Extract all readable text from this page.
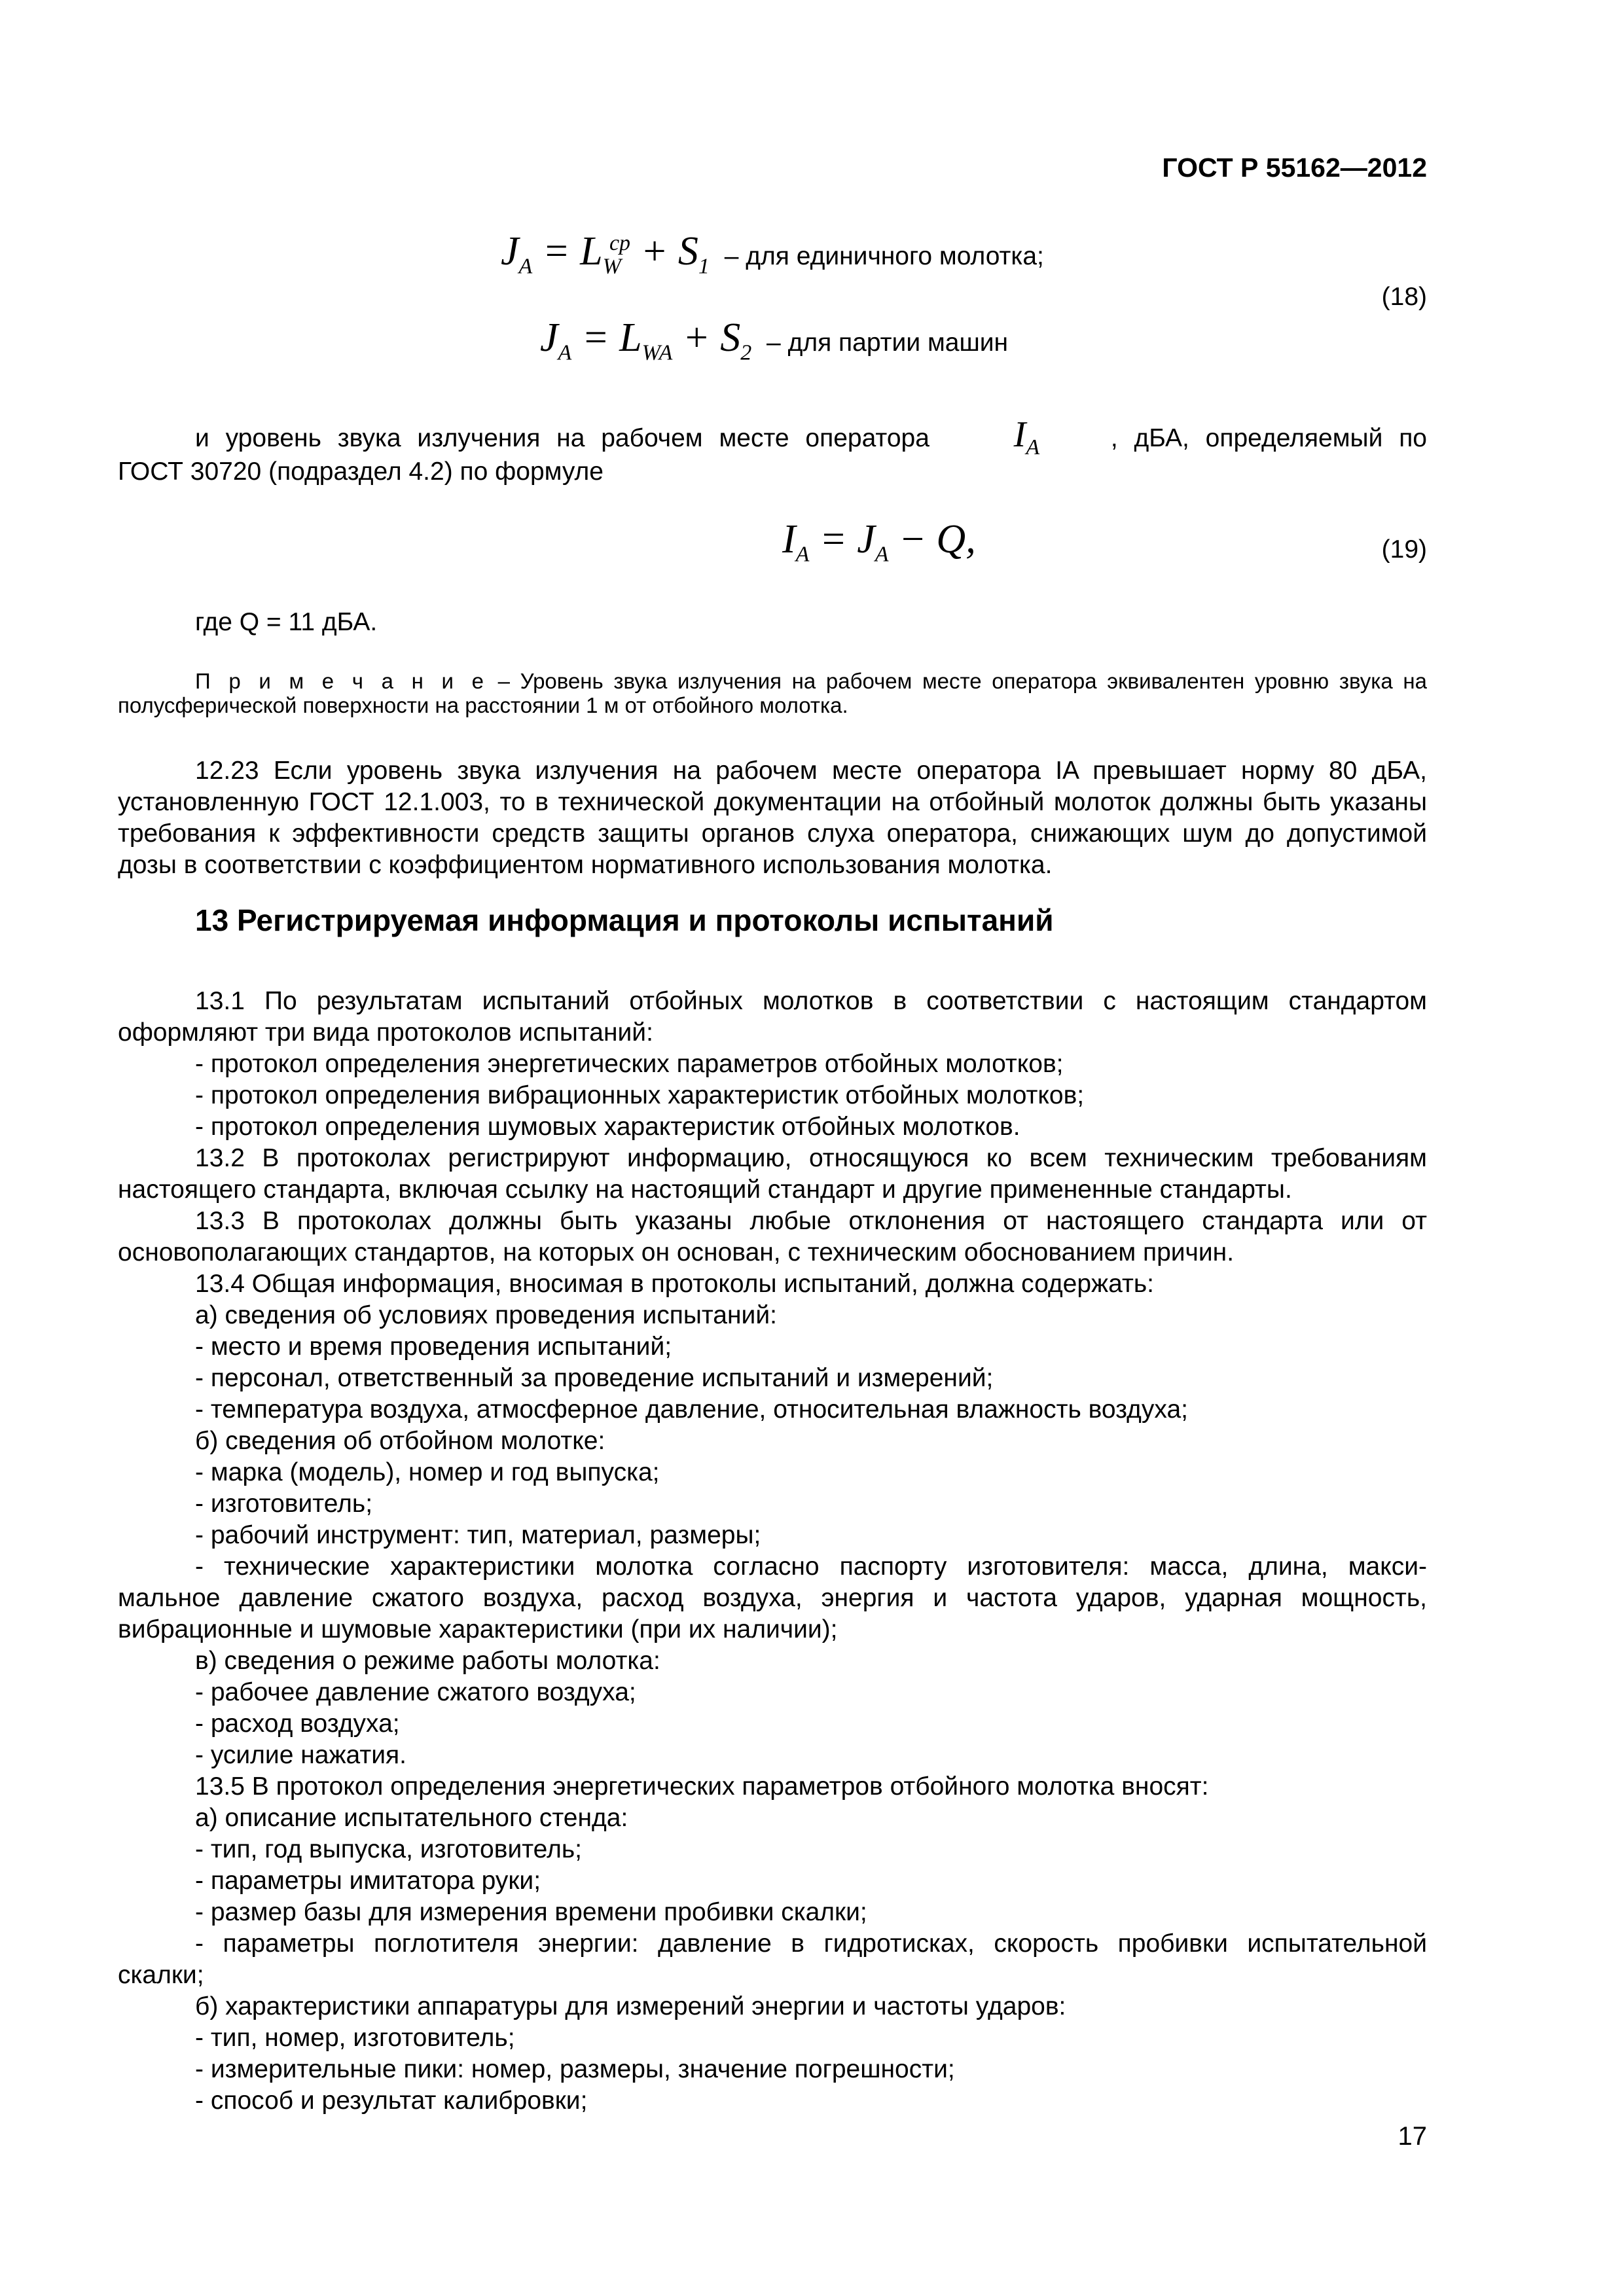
ГОСТ Р 55162—2012
$J_A = L_W^{ср} + S_1$ – для единичного молотка;
(18)
$J_A = L_{WA} + S_2$ – для партии машин
и уровень звука излучения на рабочем месте оператора $I_A$	, дБА, определяемый по
ГОСТ 30720 (подраздел 4.2) по формуле
$I_A = J_A - Q$,	(19)
где Q = 11 дБА.
П р и м е ч а н и е – Уровень звука излучения на рабочем месте оператора эквивалентен уровню звука на полусферической поверхности на расстоянии 1 м от отбойного молотка.
12.23 Если уровень звука излучения на рабочем месте оператора IA превышает норму 80 дБА, установленную ГОСТ 12.1.003, то в технической документации на отбойный молоток должны быть указаны требования к эффективности средств защиты органов слуха оператора, снижающих шум до допустимой дозы в соответствии с коэффициентом нормативного использования молотка.
13 Регистрируемая информация и протоколы испытаний
13.1 По результатам испытаний отбойных молотков в соответствии с настоящим стандартом
оформляют три вида протоколов испытаний:
- протокол определения энергетических параметров отбойных молотков;
- протокол определения вибрационных характеристик отбойных молотков;
- протокол определения шумовых характеристик отбойных молотков.
13.2 В протоколах регистрируют информацию, относящуюся ко всем техническим требованиям
настоящего стандарта, включая ссылку на настоящий стандарт и другие примененные стандарты.
13.3 В протоколах должны быть указаны любые отклонения от настоящего стандарта или от
основополагающих стандартов, на которых он основан, с техническим обоснованием причин.
13.4 Общая информация, вносимая в протоколы испытаний, должна содержать:
а) сведения об условиях проведения испытаний:
- место и время проведения испытаний;
- персонал, ответственный за проведение испытаний и измерений;
- температура воздуха, атмосферное давление, относительная влажность воздуха;
б) сведения об отбойном молотке:
- марка (модель), номер и год выпуска;
- изготовитель;
- рабочий инструмент: тип, материал, размеры;
- технические характеристики молотка согласно паспорту изготовителя: масса, длина, макси-
мальное давление сжатого воздуха, расход воздуха, энергия и частота ударов, ударная мощность,
вибрационные и шумовые характеристики (при их наличии);
в) сведения о режиме работы молотка:
- рабочее давление сжатого воздуха;
- расход воздуха;
- усилие нажатия.
13.5 В протокол определения энергетических параметров отбойного молотка вносят:
а) описание испытательного стенда:
- тип, год выпуска, изготовитель;
- параметры имитатора руки;
- размер базы для измерения времени пробивки скалки;
- параметры поглотителя энергии: давление в гидротисках, скорость пробивки испытательной
скалки;
б) характеристики аппаратуры для измерений энергии и частоты ударов:
- тип, номер, изготовитель;
- измерительные пики: номер, размеры, значение погрешности;
- способ и результат калибровки;
17
